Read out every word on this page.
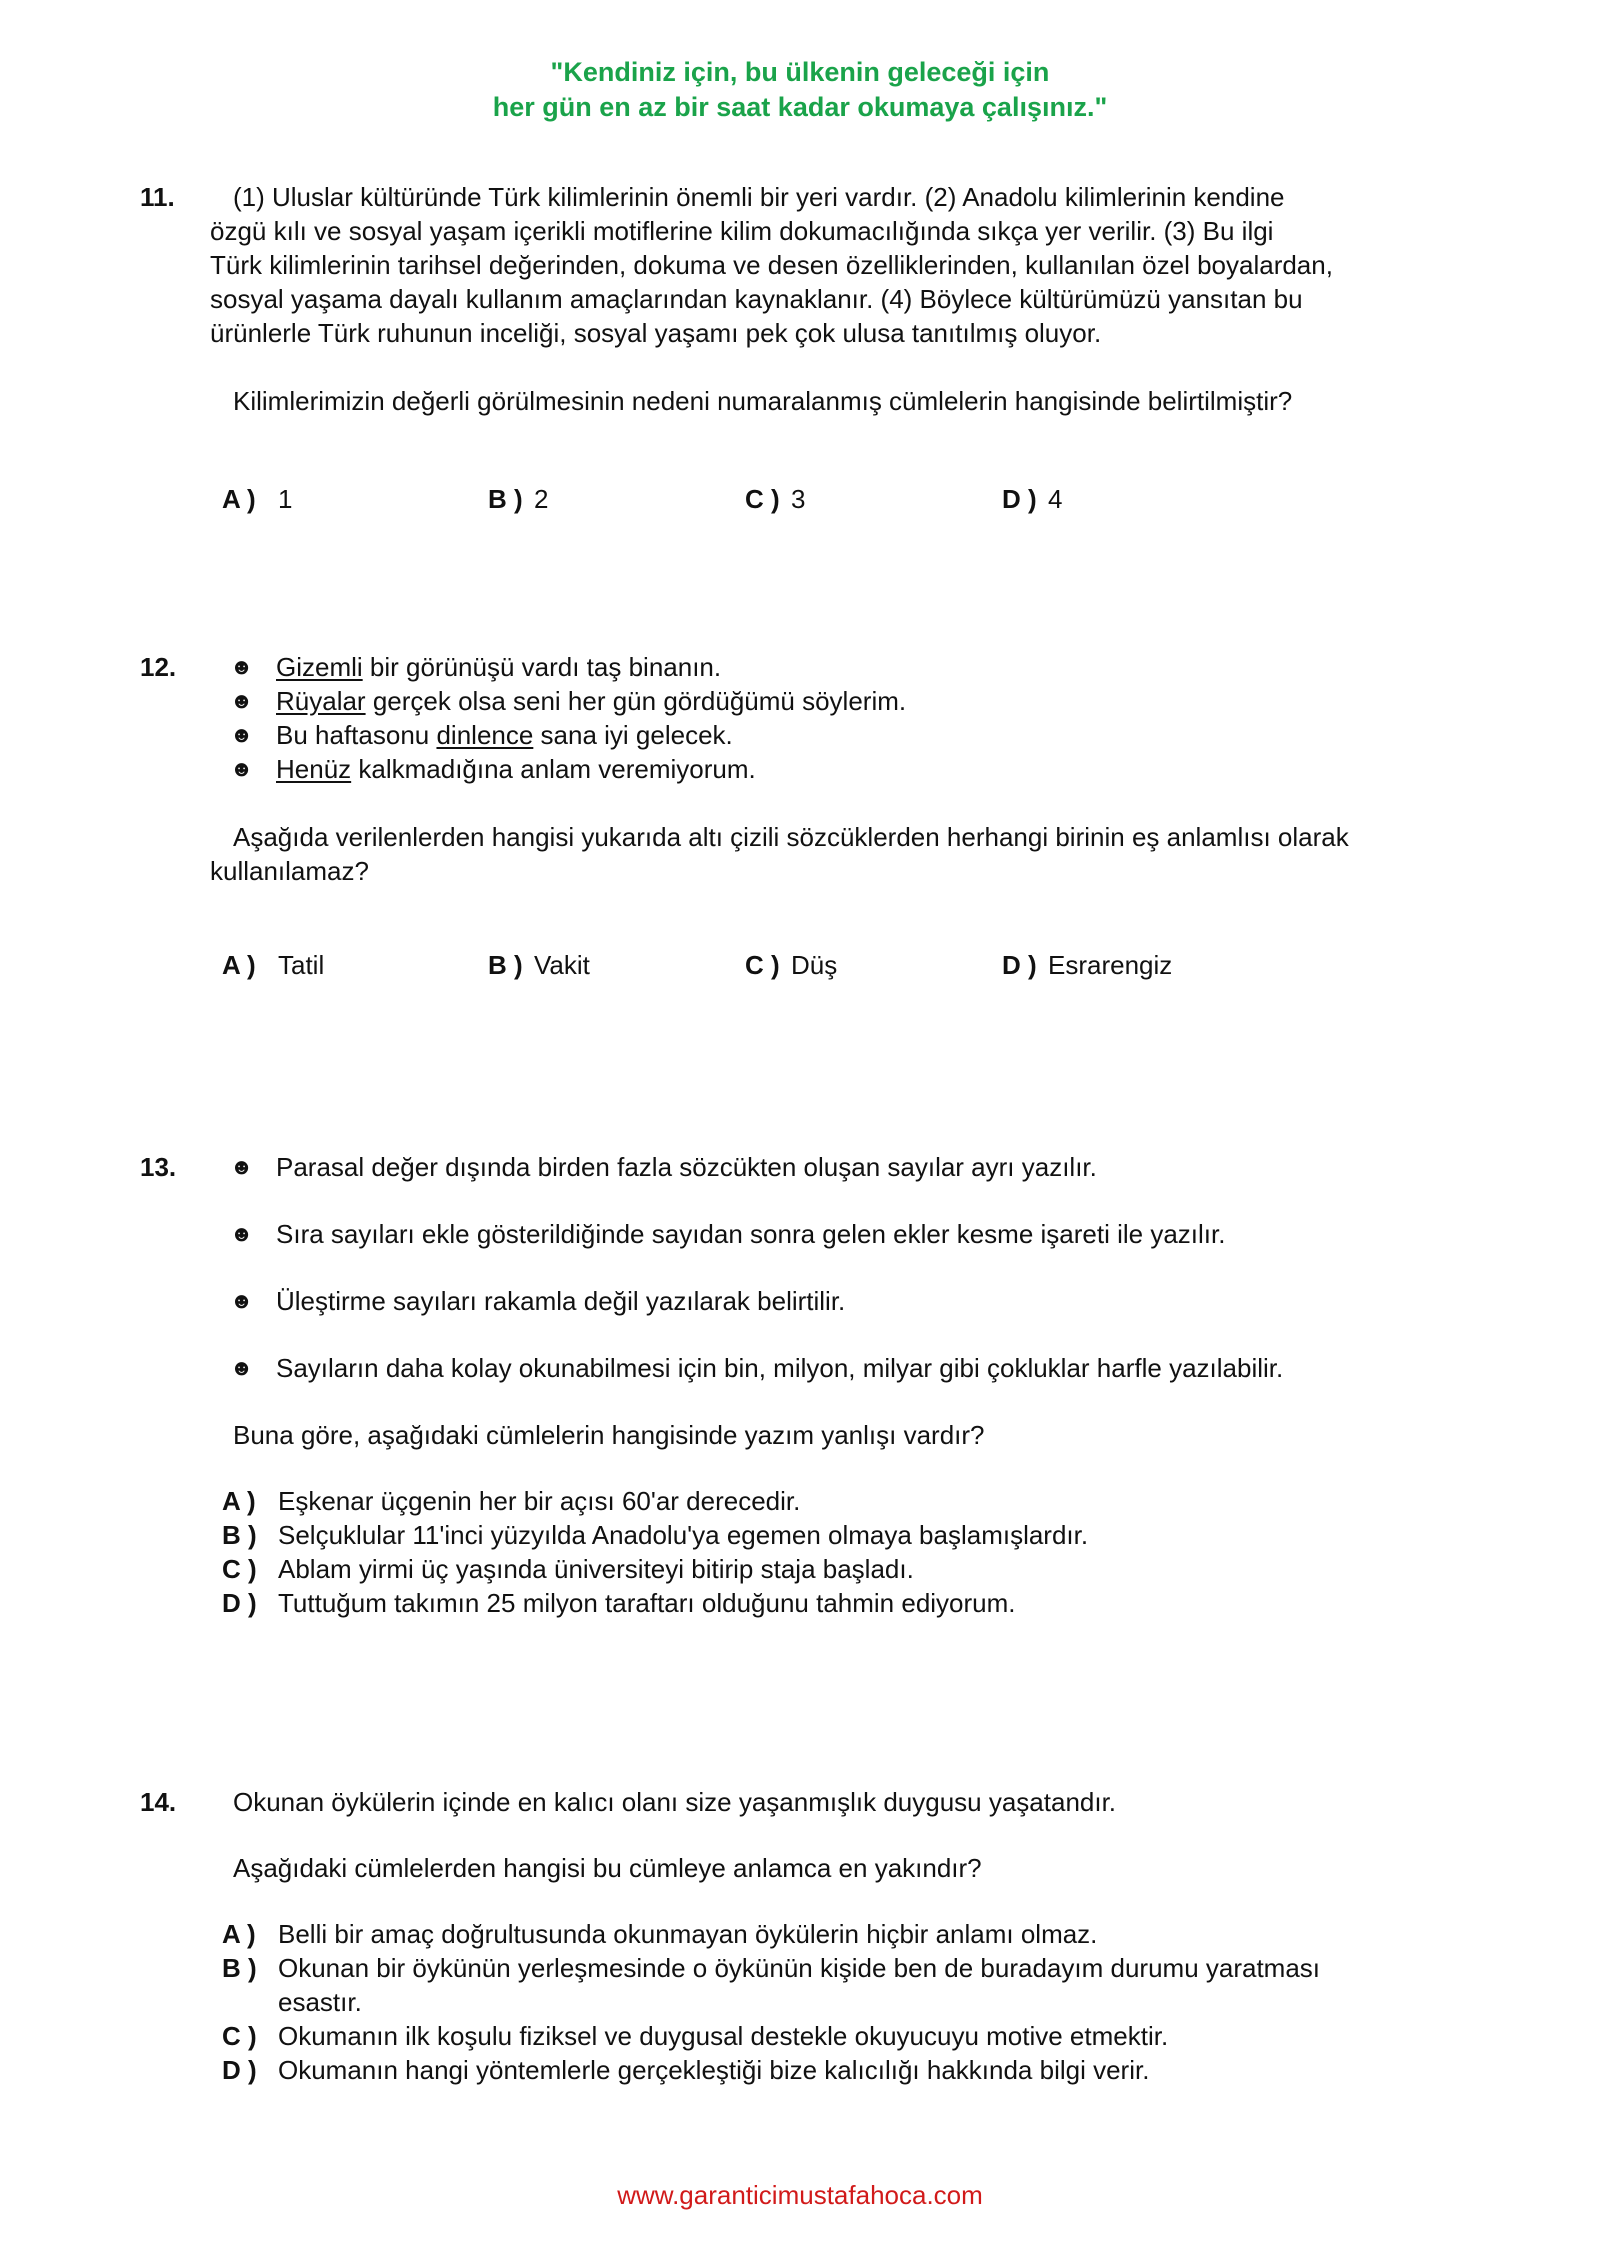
"Kendiniz için, bu ülkenin geleceği için
her gün en az bir saat kadar okumaya çalışınız."
11.	(1) Uluslar kültüründe Türk kilimlerinin önemli bir yeri vardır. (2) Anadolu kilimlerinin kendine
özgü kılı ve sosyal yaşam içerikli motiflerine kilim dokumacılığında sıkça yer verilir. (3) Bu ilgi
Türk kilimlerinin tarihsel değerinden, dokuma ve desen özelliklerinden, kullanılan özel boyalardan,
sosyal yaşama dayalı kullanım amaçlarından kaynaklanır. (4) Böylece kültürümüzü yansıtan bu
ürünlerle Türk ruhunun inceliği, sosyal yaşamı pek çok ulusa tanıtılmış oluyor.
Kilimlerimizin değerli görülmesinin nedeni numaralanmış cümlelerin hangisinde belirtilmiştir?
A ) 1	B ) 2	C ) 3	D ) 4
12. ☻ Gizemli bir görünüşü vardı taş binanın.
☻ Rüyalar gerçek olsa seni her gün gördüğümü söylerim.
☻ Bu haftasonu dinlence sana iyi gelecek.
☻ Henüz kalkmadığına anlam veremiyorum.
Aşağıda verilenlerden hangisi yukarıda altı çizili sözcüklerden herhangi birinin eş anlamlısı olarak
kullanılamaz?
A ) Tatil	B ) Vakit	C ) Düş	D ) Esrarengiz
13. ☻ Parasal değer dışında birden fazla sözcükten oluşan sayılar ayrı yazılır.
☻ Sıra sayıları ekle gösterildiğinde sayıdan sonra gelen ekler kesme işareti ile yazılır.
☻ Üleştirme sayıları rakamla değil yazılarak belirtilir.
☻ Sayıların daha kolay okunabilmesi için bin, milyon, milyar gibi çokluklar harfle yazılabilir.
Buna göre, aşağıdaki cümlelerin hangisinde yazım yanlışı vardır?
A ) Eşkenar üçgenin her bir açısı 60'ar derecedir.
B ) Selçuklular 11'inci yüzyılda Anadolu'ya egemen olmaya başlamışlardır.
C ) Ablam yirmi üç yaşında üniversiteyi bitirip staja başladı.
D ) Tuttuğum takımın 25 milyon taraftarı olduğunu tahmin ediyorum.
14.	Okunan öykülerin içinde en kalıcı olanı size yaşanmışlık duygusu yaşatandır.
Aşağıdaki cümlelerden hangisi bu cümleye anlamca en yakındır?
A ) Belli bir amaç doğrultusunda okunmayan öykülerin hiçbir anlamı olmaz.
B ) Okunan bir öykünün yerleşmesinde o öykünün kişide ben de buradayım durumu yaratması
esastır.
C ) Okumanın ilk koşulu fiziksel ve duygusal destekle okuyucuyu motive etmektir.
D ) Okumanın hangi yöntemlerle gerçekleştiği bize kalıcılığı hakkında bilgi verir.
www.garanticimustafahoca.com
